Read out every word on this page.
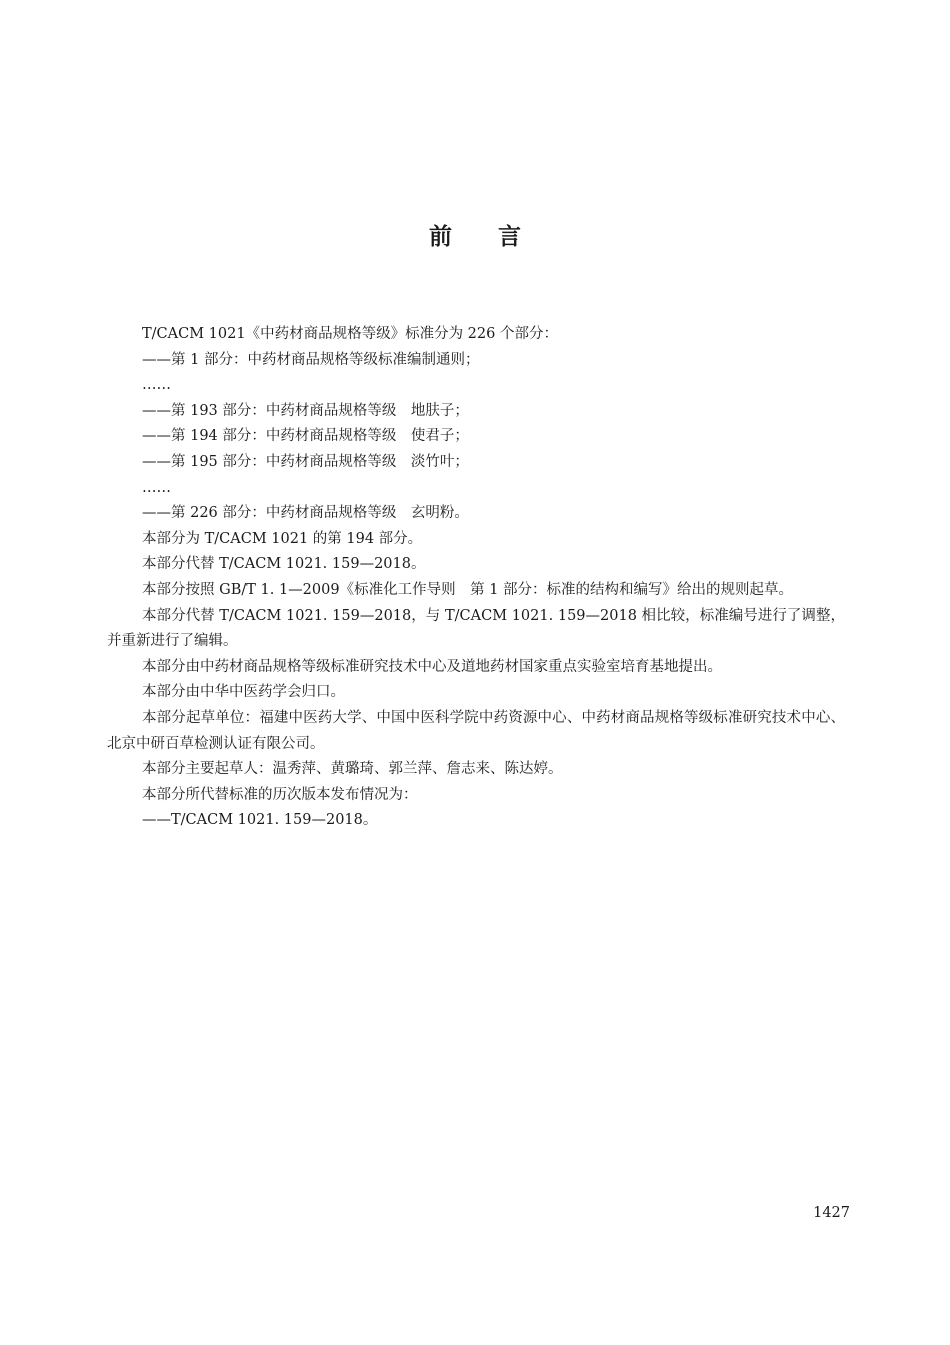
前 言

T/CACM 1021《中药材商品规格等级》标准分为 226 个部分：

——第 1 部分：中药材商品规格等级标准编制通则；

……

——第 193 部分：中药材商品规格等级　地肤子；

——第 194 部分：中药材商品规格等级　使君子；

——第 195 部分：中药材商品规格等级　淡竹叶；

……

——第 226 部分：中药材商品规格等级　玄明粉。

本部分为 T/CACM 1021 的第 194 部分。

本部分代替 T/CACM 1021. 159—2018。

本部分按照 GB/T 1. 1—2009《标准化工作导则　第 1 部分：标准的结构和编写》给出的规则起草。

本部分代替 T/CACM 1021. 159—2018，与 T/CACM 1021. 159—2018 相比较，标准编号进行了调整，并重新进行了编辑。

本部分由中药材商品规格等级标准研究技术中心及道地药材国家重点实验室培育基地提出。

本部分由中华中医药学会归口。

本部分起草单位：福建中医药大学、中国中医科学院中药资源中心、中药材商品规格等级标准研究技术中心、北京中研百草检测认证有限公司。

本部分主要起草人：温秀萍、黄璐琦、郭兰萍、詹志来、陈达婷。

本部分所代替标准的历次版本发布情况为：

——T/CACM 1021. 159—2018。

1427
